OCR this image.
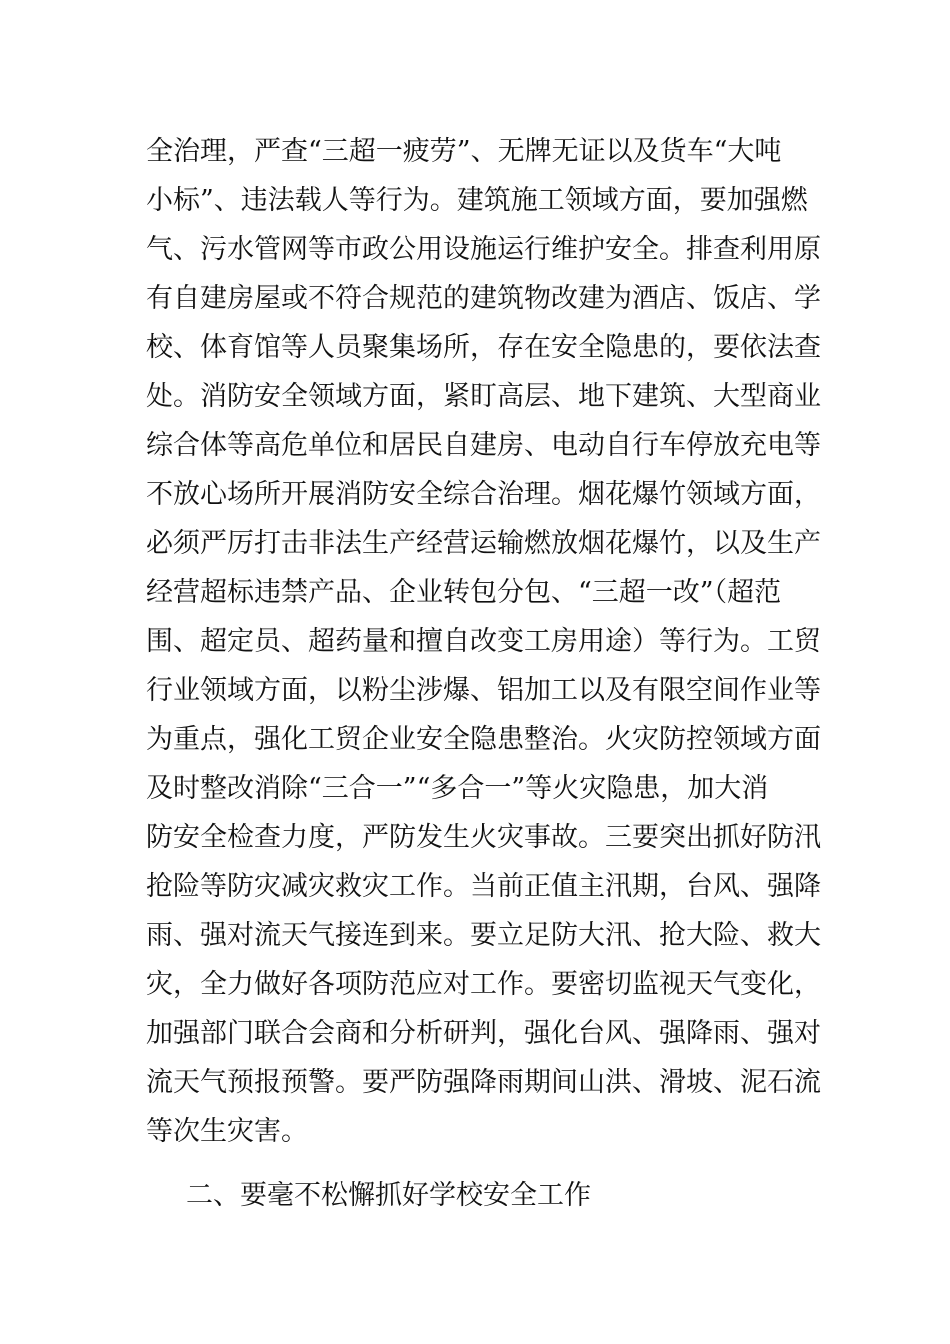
全治理，严查“三超一疲劳”、无牌无证以及货车“大吨
小标”、违法载人等行为。建筑施工领域方面，要加强燃
气、污水管网等市政公用设施运行维护安全。排查利用原
有自建房屋或不符合规范的建筑物改建为酒店、饭店、学
校、体育馆等人员聚集场所，存在安全隐患的，要依法查
处。消防安全领域方面，紧盯高层、地下建筑、大型商业
综合体等高危单位和居民自建房、电动自行车停放充电等
不放心场所开展消防安全综合治理。烟花爆竹领域方面，
必须严厉打击非法生产经营运输燃放烟花爆竹，以及生产
经营超标违禁产品、企业转包分包、“三超一改”（超范
围、超定员、超药量和擅自改变工房用途）等行为。工贸
行业领域方面，以粉尘涉爆、铝加工以及有限空间作业等
为重点，强化工贸企业安全隐患整治。火灾防控领域方面
及时整改消除“三合一”“多合一”等火灾隐患，加大消
防安全检查力度，严防发生火灾事故。三要突出抓好防汛
抢险等防灾减灾救灾工作。当前正值主汛期，台风、强降
雨、强对流天气接连到来。要立足防大汛、抢大险、救大
灾，全力做好各项防范应对工作。要密切监视天气变化，
加强部门联合会商和分析研判，强化台风、强降雨、强对
流天气预报预警。要严防强降雨期间山洪、滑坡、泥石流
等次生灾害。
二、要毫不松懈抓好学校安全工作
